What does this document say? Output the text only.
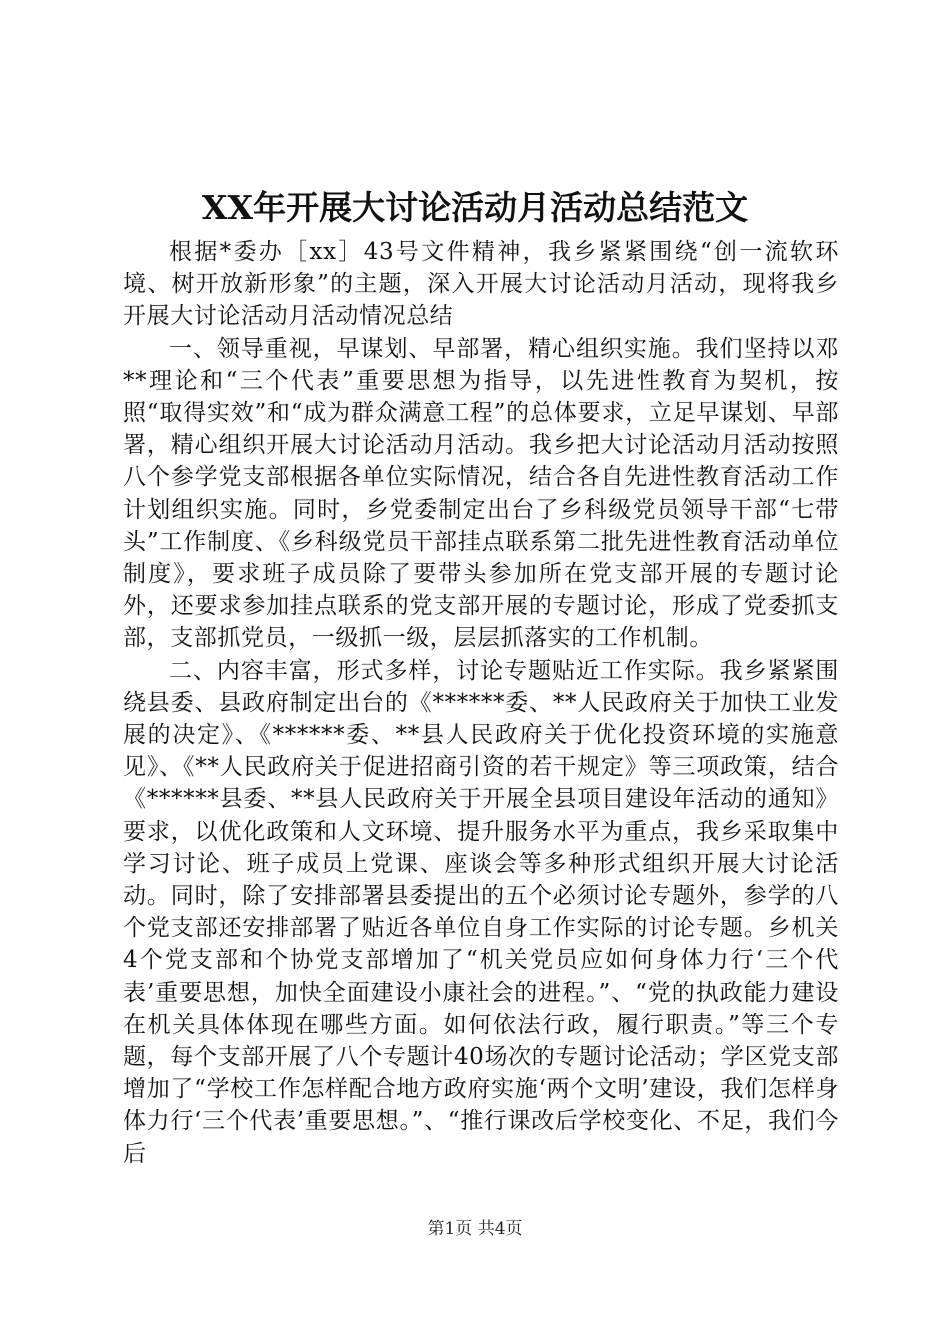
XX年开展大讨论活动月活动总结范文

根据*委办［xx］43号文件精神，我乡紧紧围绕“创一流软环境、树开放新形象”的主题，深入开展大讨论活动月活动，现将我乡开展大讨论活动月活动情况总结

一、领导重视，早谋划、早部署，精心组织实施。我们坚持以邓**理论和“三个代表”重要思想为指导，以先进性教育为契机，按照“取得实效”和“成为群众满意工程”的总体要求，立足早谋划、早部署，精心组织开展大讨论活动月活动。我乡把大讨论活动月活动按照八个参学党支部根据各单位实际情况，结合各自先进性教育活动工作计划组织实施。同时，乡党委制定出台了乡科级党员领导干部“七带头”工作制度、《乡科级党员干部挂点联系第二批先进性教育活动单位制度》，要求班子成员除了要带头参加所在党支部开展的专题讨论外，还要求参加挂点联系的党支部开展的专题讨论，形成了党委抓支部，支部抓党员，一级抓一级，层层抓落实的工作机制。

二、内容丰富，形式多样，讨论专题贴近工作实际。我乡紧紧围绕县委、县政府制定出台的《******委、**人民政府关于加快工业发展的决定》、《******委、**县人民政府关于优化投资环境的实施意见》、《**人民政府关于促进招商引资的若干规定》等三项政策，结合《******县委、**县人民政府关于开展全县项目建设年活动的通知》要求，以优化政策和人文环境、提升服务水平为重点，我乡采取集中学习讨论、班子成员上党课、座谈会等多种形式组织开展大讨论活动。同时，除了安排部署县委提出的五个必须讨论专题外，参学的八个党支部还安排部署了贴近各单位自身工作实际的讨论专题。乡机关4个党支部和个协党支部增加了“机关党员应如何身体力行‘三个代表’重要思想，加快全面建设小康社会的进程。”、“党的执政能力建设在机关具体体现在哪些方面。如何依法行政，履行职责。”等三个专题，每个支部开展了八个专题计40场次的专题讨论活动；学区党支部增加了“学校工作怎样配合地方政府实施‘两个文明’建设，我们怎样身体力行‘三个代表’重要思想。”、“推行课改后学校变化、不足，我们今后

第1页 共4页
